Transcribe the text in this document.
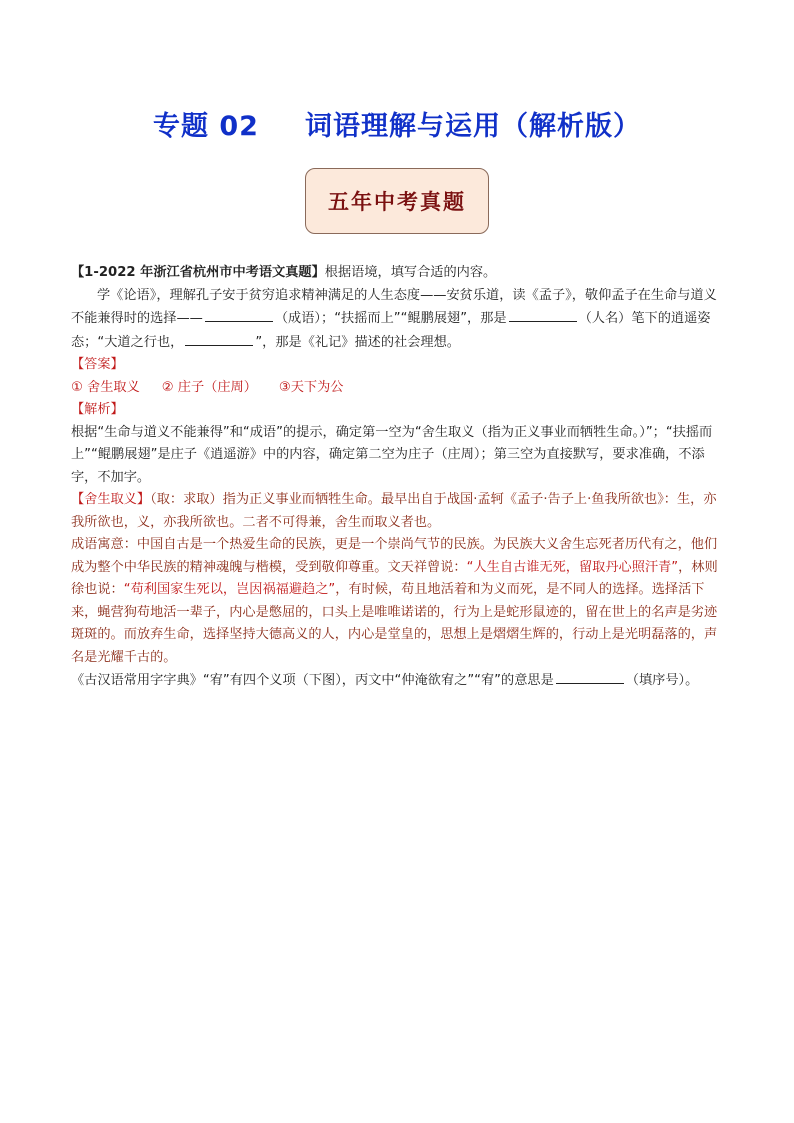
专题 02 词语理解与运用（解析版）
五年中考真题

【1-2022 年浙江省杭州市中考语文真题】根据语境，填写合适的内容。

学《论语》，理解孔子安于贫穷追求精神满足的人生态度——安贫乐道，读《孟子》，敬仰孟子在生命与道义不能兼得时的选择——	（成语）；“扶摇而上”“鲲鹏展翅”，那是	（人名）笔下的逍遥姿态；“大道之行也，	”，那是《礼记》描述的社会理想。

【答案】

① 舍生取义 ② 庄子（庄周） ③天下为公

【解析】

根据“生命与道义不能兼得”和“成语”的提示，确定第一空为“舍生取义（指为正义事业而牺牲生命。）”；“扶摇而上”“鲲鹏展翅”是庄子《逍遥游》中的内容，确定第二空为庄子（庄周）；第三空为直接默写，要求准确，不添字，不加字。

【舍生取义】（取：求取）指为正义事业而牺牲生命。最早出自于战国·孟轲《孟子·告子上·鱼我所欲也》：生，亦我所欲也，义，亦我所欲也。二者不可得兼，舍生而取义者也。

成语寓意：中国自古是一个热爱生命的民族，更是一个崇尚气节的民族。为民族大义舍生忘死者历代有之，他们成为整个中华民族的精神魂魄与楷模，受到敬仰尊重。文天祥曾说：“人生自古谁无死，留取丹心照汗青”，林则徐也说：“苟利国家生死以，岂因祸福避趋之”，有时候，苟且地活着和为义而死，是不同人的选择。选择活下来，蝇营狗苟地活一辈子，内心是憋屈的，口头上是唯唯诺诺的，行为上是蛇形鼠迹的，留在世上的名声是劣迹斑斑的。而放弃生命，选择坚持大德高义的人，内心是堂皇的，思想上是熠熠生辉的，行动上是光明磊落的，声名是光耀千古的。

《古汉语常用字字典》“宥”有四个义项（下图），丙文中“仲淹欲宥之”“宥”的意思是	（填序号）。
